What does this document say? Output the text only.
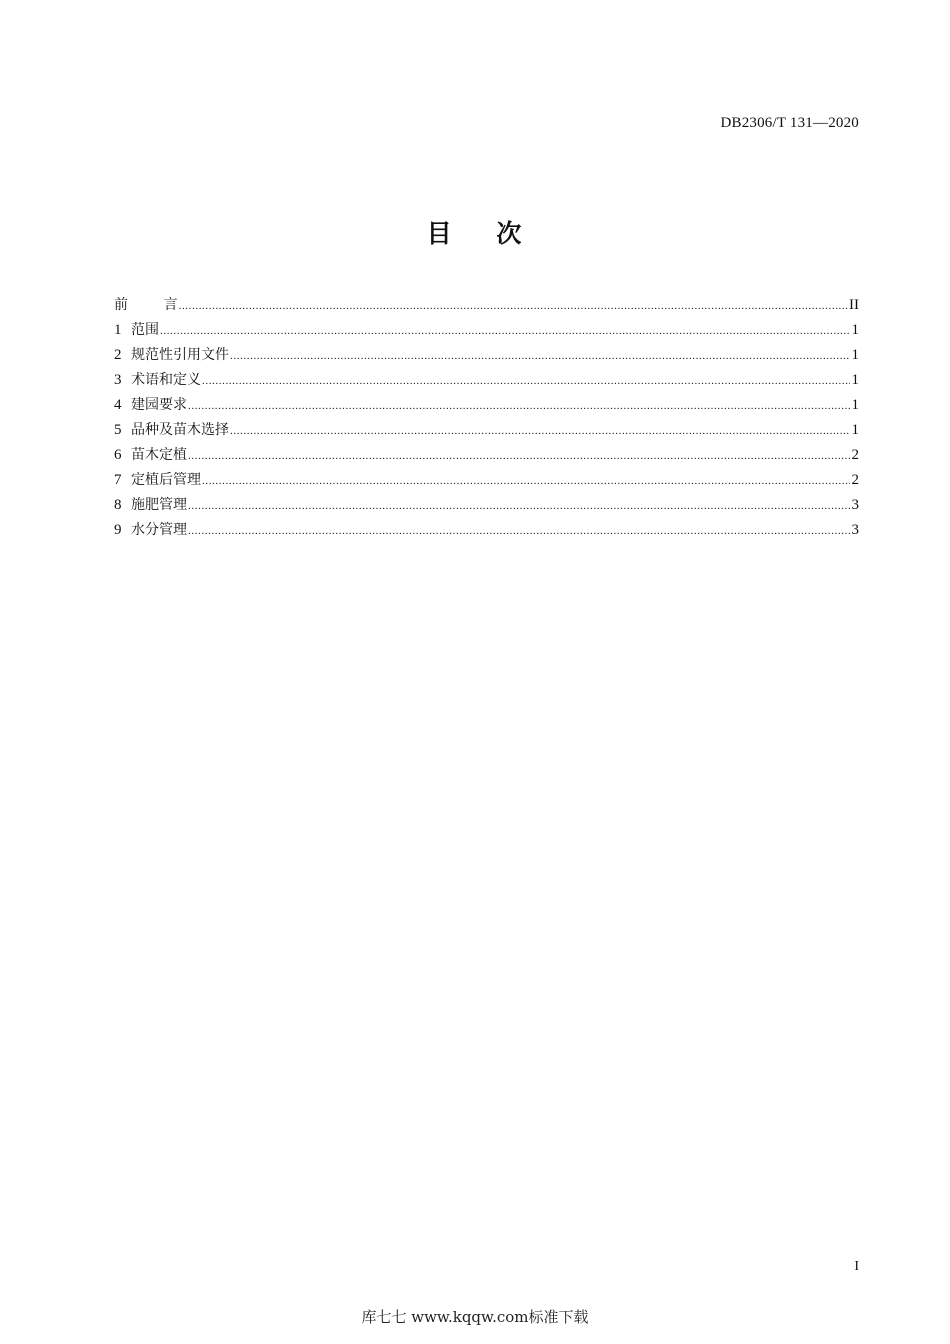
DB2306/T 131—2020
目    次
前        言 .....	II
1 范围 .....	1
2 规范性引用文件 .....	1
3 术语和定义 .....	1
4 建园要求 .....	1
5 品种及苗木选择 .....	1
6 苗木定植 .....	2
7 定植后管理 .....	2
8 施肥管理 .....	3
9 水分管理 .....	3
I
库七七 www.kqqw.com标准下载
